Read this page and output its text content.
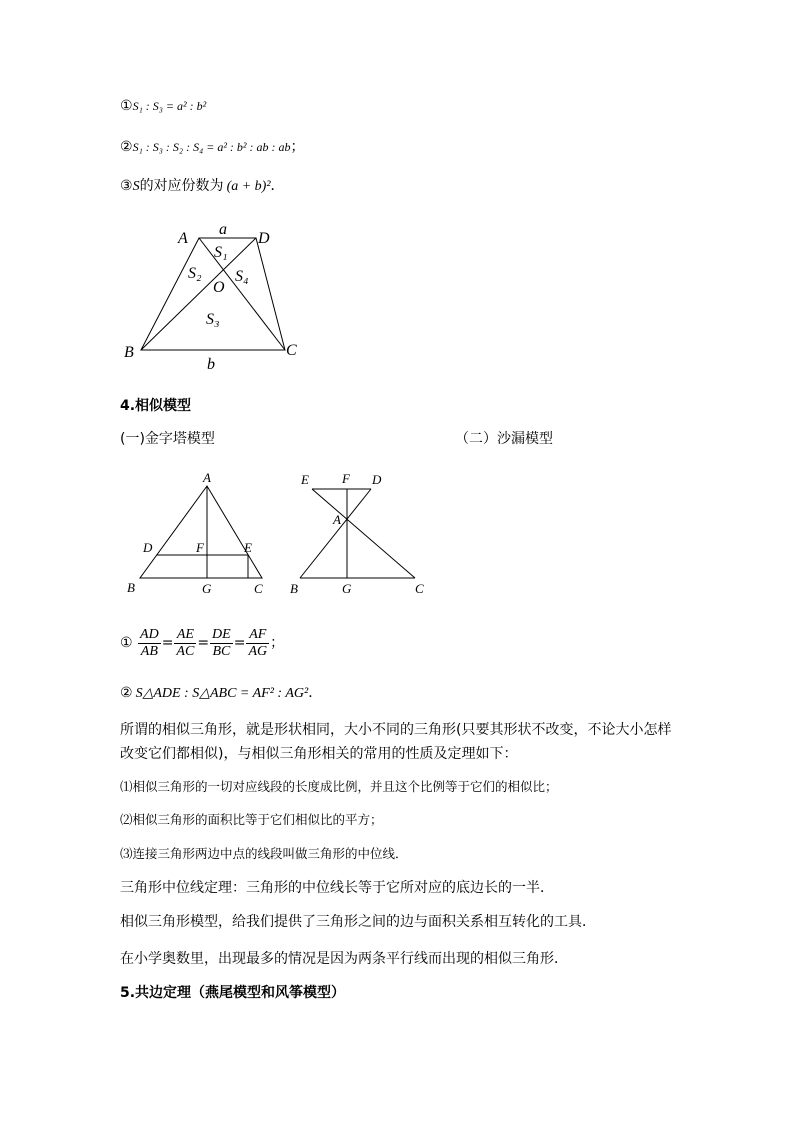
①S₁ : S₃ = a² : b²
②S₁ : S₃ : S₂ : S₄ = a² : b² : ab : ab；
③S的对应份数为 (a + b)²．
A	D
B	C
O
a
b
S₁
S₂
S₃
S₄
4.相似模型
(一)金字塔模型	（二）沙漏模型
A
D	F	E
B	G	C
E	F D
A
B	G	C
① $\frac{AD}{AB} = \frac{AE}{AC} = \frac{DE}{BC} = \frac{AF}{AG}$ ；
② S△ADE : S△ABC = AF² : AG²．
所谓的相似三角形，就是形状相同，大小不同的三角形(只要其形状不改变，不论大小怎样
改变它们都相似)，与相似三角形相关的常用的性质及定理如下：
⑴相似三角形的一切对应线段的长度成比例，并且这个比例等于它们的相似比；
⑵相似三角形的面积比等于它们相似比的平方；
⑶连接三角形两边中点的线段叫做三角形的中位线．
三角形中位线定理：三角形的中位线长等于它所对应的底边长的一半．
相似三角形模型，给我们提供了三角形之间的边与面积关系相互转化的工具．
在小学奥数里，出现最多的情况是因为两条平行线而出现的相似三角形．
5.共边定理（燕尾模型和风筝模型）
